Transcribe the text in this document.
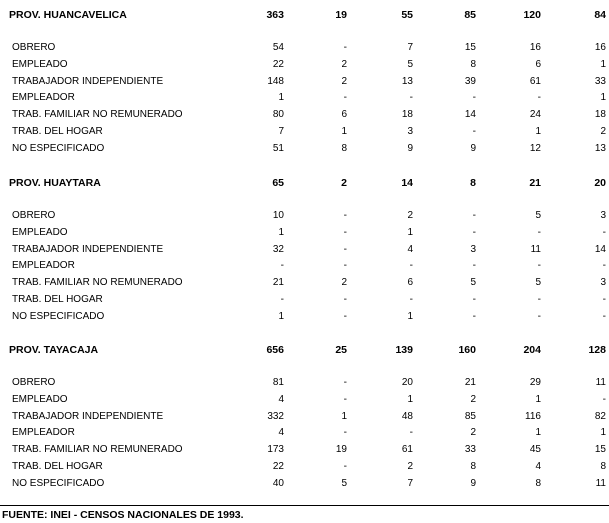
PROV. HUANCAVELICA	363	19	55	85	120	84
OBRERO	54	-	7	15	16	16
EMPLEADO	22	2	5	8	6	1
TRABAJADOR INDEPENDIENTE	148	2	13	39	61	33
EMPLEADOR	1	-	-	-	-	1
TRAB. FAMILIAR NO REMUNERADO	80	6	18	14	24	18
TRAB. DEL HOGAR	7	1	3	-	1	2
NO ESPECIFICADO	51	8	9	9	12	13
PROV. HUAYTARA	65	2	14	8	21	20
OBRERO	10	-	2	-	5	3
EMPLEADO	1	-	1	-	-	-
TRABAJADOR INDEPENDIENTE	32	-	4	3	11	14
EMPLEADOR	-	-	-	-	-	-
TRAB. FAMILIAR NO REMUNERADO	21	2	6	5	5	3
TRAB. DEL HOGAR	-	-	-	-	-	-
NO ESPECIFICADO	1	-	1	-	-	-
PROV. TAYACAJA	656	25	139	160	204	128
OBRERO	81	-	20	21	29	11
EMPLEADO	4	-	1	2	1	-
TRABAJADOR INDEPENDIENTE	332	1	48	85	116	82
EMPLEADOR	4	-	-	2	1	1
TRAB. FAMILIAR NO REMUNERADO	173	19	61	33	45	15
TRAB. DEL HOGAR	22	-	2	8	4	8
NO ESPECIFICADO	40	5	7	9	8	11
FUENTE: INEI - CENSOS NACIONALES DE 1993.
